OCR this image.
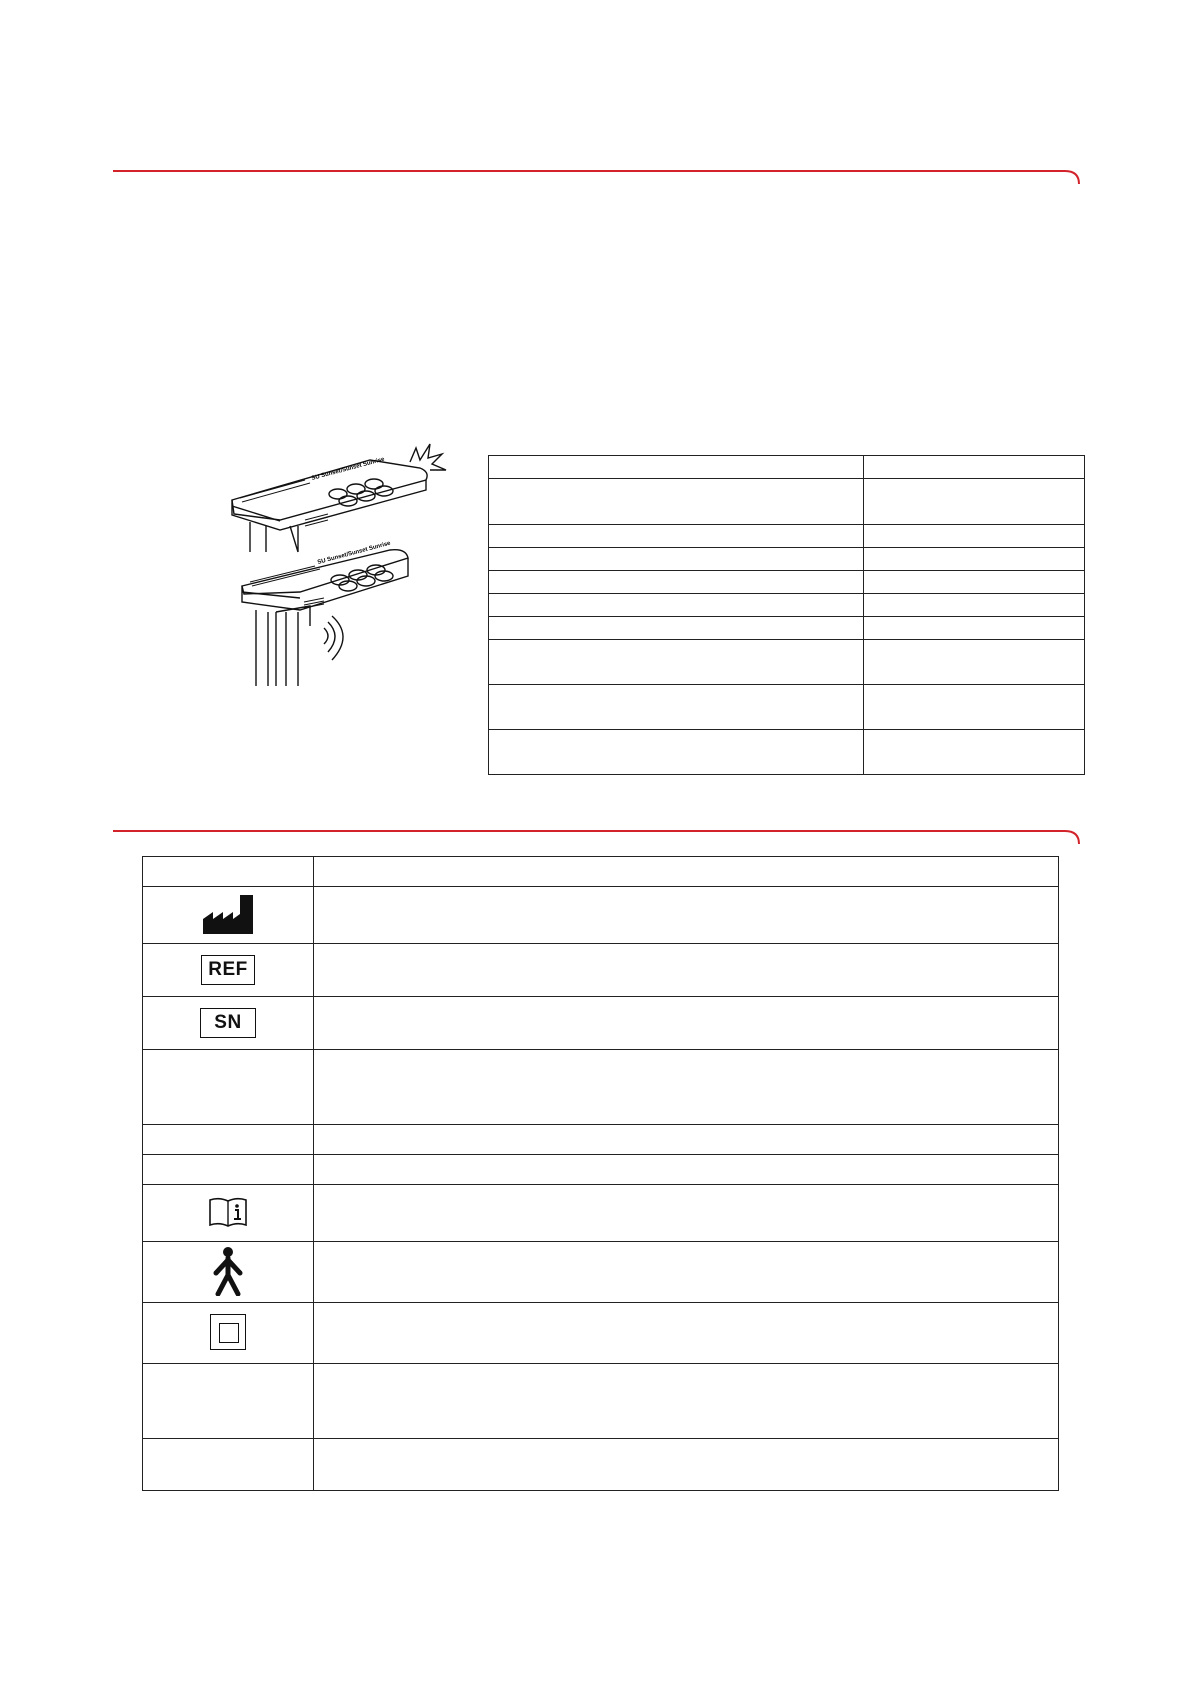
SU Sunset/Sunset Sunrise
SU Sunset/Sunset Sunrise

REF	
SN	
